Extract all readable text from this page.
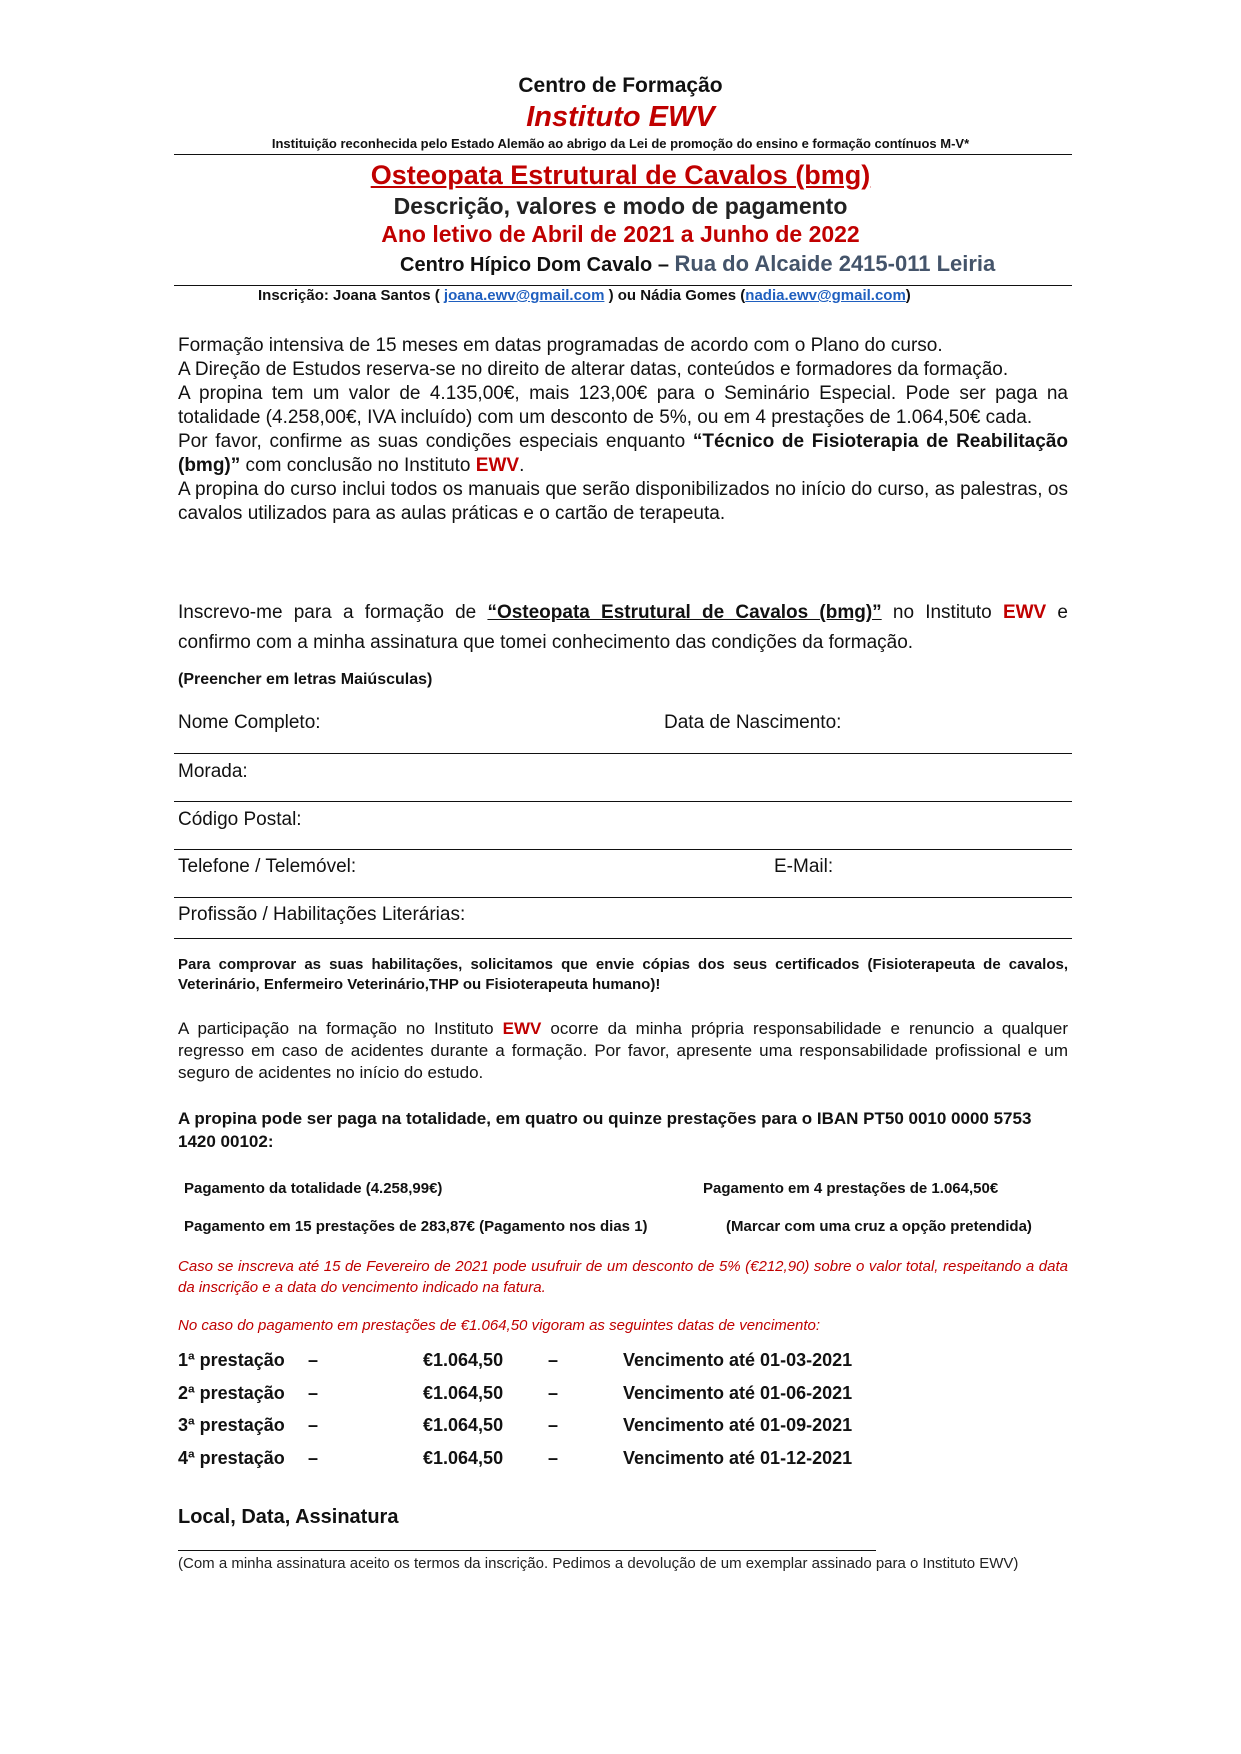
Centro de Formação
Instituto EWV
Instituição reconhecida pelo Estado Alemão ao abrigo da Lei de promoção do ensino e formação contínuos M-V*
Osteopata Estrutural de Cavalos (bmg)
Descrição, valores e modo de pagamento
Ano letivo de Abril de 2021 a Junho de 2022
Centro Hípico Dom Cavalo – Rua do Alcaide 2415-011 Leiria
Inscrição: Joana Santos ( joana.ewv@gmail.com ) ou Nádia Gomes (nadia.ewv@gmail.com)
Formação intensiva de 15 meses em datas programadas de acordo com o Plano do curso.
A Direção de Estudos reserva-se no direito de alterar datas, conteúdos e formadores da formação.
A propina tem um valor de 4.135,00€, mais 123,00€ para o Seminário Especial. Pode ser paga na totalidade (4.258,00€, IVA incluído) com um desconto de 5%, ou em 4 prestações de 1.064,50€ cada.
Por favor, confirme as suas condições especiais enquanto “Técnico de Fisioterapia de Reabilitação (bmg)” com conclusão no Instituto EWV.
A propina do curso inclui todos os manuais que serão disponibilizados no início do curso, as palestras, os cavalos utilizados para as aulas práticas e o cartão de terapeuta.
Inscrevo-me para a formação de “Osteopata Estrutural de Cavalos (bmg)” no Instituto EWV e
confirmo com a minha assinatura que tomei conhecimento das condições da formação.
(Preencher em letras Maiúsculas)
Nome Completo:	Data de Nascimento:
Morada:
Código Postal:
Telefone / Telemóvel:	E-Mail:
Profissão / Habilitações Literárias:
Para comprovar as suas habilitações, solicitamos que envie cópias dos seus certificados (Fisioterapeuta de cavalos, Veterinário, Enfermeiro Veterinário,THP ou Fisioterapeuta humano)!
A participação na formação no Instituto EWV ocorre da minha própria responsabilidade e renuncio a qualquer regresso em caso de acidentes durante a formação. Por favor, apresente uma responsabilidade profissional e um seguro de acidentes no início do estudo.
A propina pode ser paga na totalidade, em quatro ou quinze prestações para o IBAN PT50 0010 0000 5753 1420 00102:
Pagamento da totalidade (4.258,99€)	Pagamento em 4 prestações de 1.064,50€
Pagamento em 15 prestações de 283,87€ (Pagamento nos dias 1)	(Marcar com uma cruz a opção pretendida)
Caso se inscreva até 15 de Fevereiro de 2021 pode usufruir de um desconto de 5% (€212,90) sobre o valor total, respeitando a data da inscrição e a data do vencimento indicado na fatura.
No caso do pagamento em prestações de €1.064,50 vigoram as seguintes datas de vencimento:
1ª prestação –	€1.064,50 –	Vencimento até 01-03-2021
2ª prestação –	€1.064,50 –	Vencimento até 01-06-2021
3ª prestação –	€1.064,50 –	Vencimento até 01-09-2021
4ª prestação –	€1.064,50 –	Vencimento até 01-12-2021
Local, Data, Assinatura
(Com a minha assinatura aceito os termos da inscrição. Pedimos a devolução de um exemplar assinado para o Instituto EWV)
